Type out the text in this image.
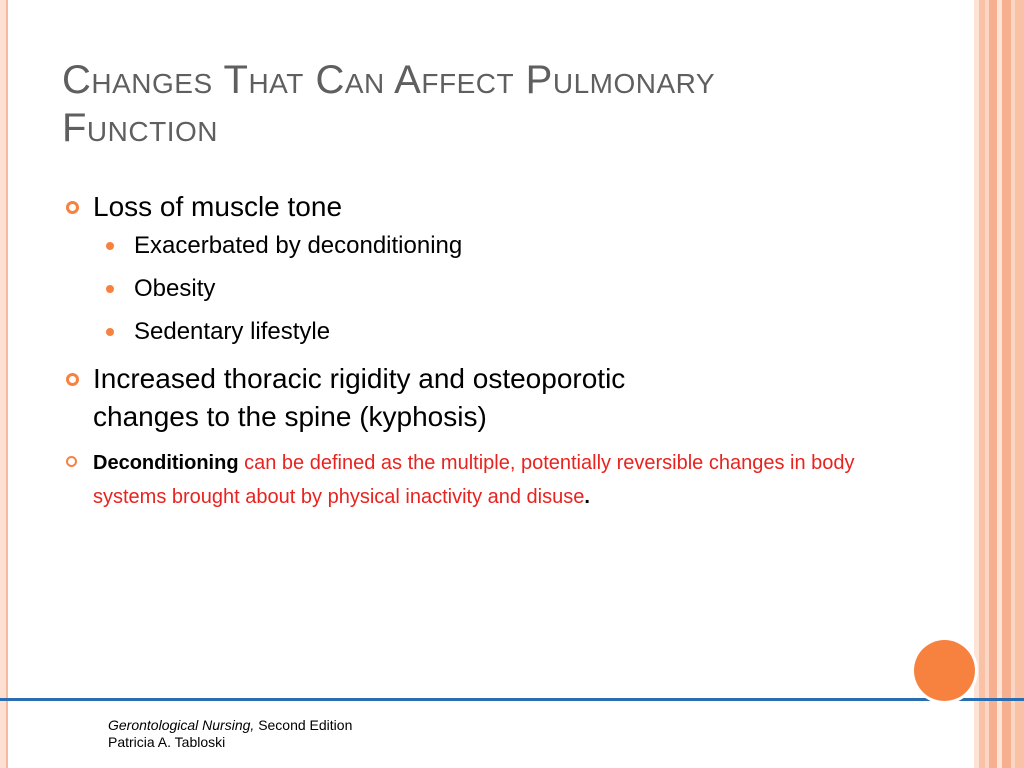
Changes That Can Affect Pulmonary
Function
Loss of muscle tone
Exacerbated by deconditioning
Obesity
Sedentary lifestyle
Increased thoracic rigidity and osteoporotic
changes to the spine (kyphosis)
Deconditioning can be defined as the multiple, potentially reversible changes in body systems brought about by physical inactivity and disuse.
Gerontological Nursing, Second Edition
Patricia A. Tabloski
